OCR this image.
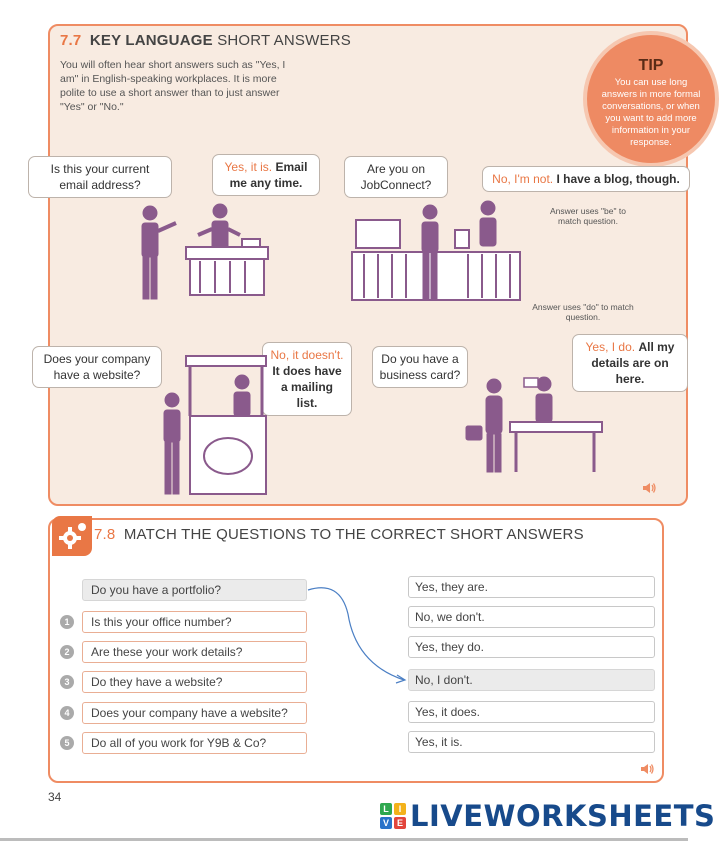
7.7 KEY LANGUAGE SHORT ANSWERS
You will often hear short answers such as "Yes, I am" in English-speaking workplaces. It is more polite to use a short answer than to just answer "Yes" or "No."
TIP
You can use long answers in more formal conversations, or when you want to add more information in your response.
Is this your current email address?
Yes, it is. Email me any time.
Are you on JobConnect?	No, I'm not. I have a blog, though.
Answer uses "be" to match question.
Answer uses "do" to match question.
Does your company have a website?
No, it doesn't. It does have a mailing list.
Do you have a business card?
Yes, I do. All my details are on here.
7.8 MATCH THE QUESTIONS TO THE CORRECT SHORT ANSWERS
Do you have a portfolio?
1	Is this your office number?
2	Are these your work details?
3	Do they have a website?
4	Does your company have a website?
5	Do all of you work for Y9B & Co?
Yes, they are.
No, we don't.
Yes, they do.
No, I don't.
Yes, it does.
Yes, it is.
34
L	I
V E LIVEWORKSHEETS
